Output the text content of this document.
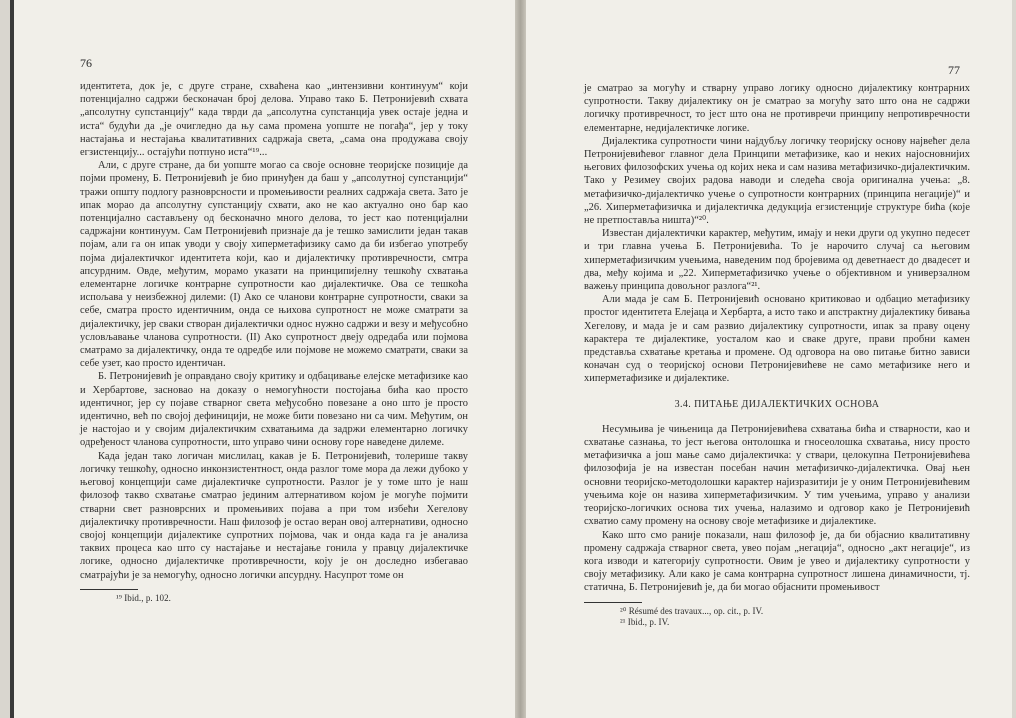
76

идентитета, док је, с друге стране, схваћена као „интензивни континуум“ који потенцијално садржи бесконачан број делова. Управо тако Б. Петронијевић схвата „апсолутну супстанцију“ када тврди да „апсолутна супстанција увек остаје једна и иста“ будући да „је очигледно да њу сама промена уопште не погађа“, јер у току настајања и нестајања квалитативних садржаја света, „сама она продужава своју егзистенцију... остајући потпуно иста“¹⁹...

Али, с друге стране, да би уопште могао са своје основне теоријске позиције да појми промену, Б. Петронијевић је био принуђен да баш у „апсолутној супстанцији“ тражи општу подлогу разноврсности и промењивости реалних садржаја света. Зато је ипак морао да апсолутну супстанцију схвати, ако не као актуално оно бар као потенцијално састављену од бесконачно много делова, то јест као потенцијални садржајни континуум. Сам Петронијевић признаје да је тешко замислити један такав појам, али га он ипак уводи у своју хиперметафизику само да би избегао употребу појма дијалектичког идентитета који, као и дијалектичку противречности, смтра апсурдним. Овде, међутим, морамо указати на принципијелну тешкоћу схватања елементарне логичке контрарне супротности као дијалектичке. Ова се тешкоћа испољава у неизбежној дилеми: (I) Ако се чланови контрарне супротности, сваки за себе, сматра просто идентичним, онда се њихова супротност не може сматрати за дијалектичку, јер сваки створан дијалектички однос нужно садржи и везу и међусобно условљавање чланова супротности. (II) Ако супротност двеју одредаба или појмова сматрамо за дијалектичку, онда те одредбе или појмове не можемо сматрати, сваки за себе узет, као просто идентичан.

Б. Петронијевић је оправдано своју критику и одбацивање елејске метафизике као и Хербартове, засновао на доказу о немогућности постојања бића као просто идентичног, јер су појаве стварног света међусобно повезане а оно што је просто идентично, већ по својој дефиницији, не може бити повезано ни са чим. Међутим, он је настојао и у својим дијалектичким схватањима да задржи елементарно логичку одређеност чланова супротности, што управо чини основу горе наведене дилеме.

Када један тако логичан мислилац, какав је Б. Петронијевић, толерише такву логичку тешкоћу, односно инконзистентност, онда разлог томе мора да лежи дубоко у његовој концепцији саме дијалектичке супротности. Разлог је у томе што је наш филозоф такво схватање сматрао јединим алтернативом којом је могуће појмити стварни свет разноврсних и промењивих појава а при том избећи Хегелову дијалектичку противречности. Наш филозоф је остао веран овој алтернативи, односно својој концепцији дијалектике супротних појмова, чак и онда када га је анализа таквих процеса као што су настајање и нестајање гонила у правцу дијалектичке логике, односно дијалектичке противречности, коју је он доследно избегавао сматрајући је за немогућу, односно логички апсурдну. Насупрот томе он

¹⁹ Ibid., p. 102.

77

је сматрао за могућу и стварну управо логику односно дијалектику контрарних супротности. Такву дијалектику он је сматрао за могућу зато што она не садржи логичку противречност, то јест што она не противречи принципу непротивречности елементарне, недијалектичке логике.

Дијалектика супротности чини најдубљу логичку теоријску основу највећег дела Петронијевићевог главног дела Принципи метафизике, као и неких најосновнијих његових филозофских учења од којих нека и сам назива метафизичко-дијалектичким. Тако у Резимеу својих радова наводи и следећа своја оригинална учења: „8. метафизичко-дијалектичко учење о супротности контрарних (принципа негације)“ и „26. Хиперметафизичка и дијалектичка дедукција егзистенције структуре бића (које не претпоставља ништа)“²⁰.

Известан дијалектички карактер, међутим, имају и неки други од укупно педесет и три главна учења Б. Петронијевића. То је нарочито случај са његовим хиперметафизичким учењима, наведеним под бројевима од деветнаест до двадесет и два, међу којима и „22. Хиперметафизичко учење о објективном и универзалном важењу принципа довољног разлога“²¹.

Али мада је сам Б. Петронијевић основано критиковао и одбацио метафизику простог идентитета Елејаца и Хербарта, а исто тако и апстрактну дијалектику бивања Хегелову, и мада је и сам развио дијалектику супротности, ипак за праву оцену карактера те дијалектике, уосталом као и сваке друге, прави пробни камен представља схватање кретања и промене. Од одговора на ово питање битно зависи коначан суд о теоријској основи Петронијевићеве не само метафизике него и хиперметафизике и дијалектике.

3.4. ПИТАЊЕ ДИЈАЛЕКТИЧКИХ ОСНОВА

Несумњива је чињеница да Петронијевићева схватања бића и стварности, као и схватање сазнања, то јест његова онтолошка и гносеолошка схватања, нису просто метафизичка а још мање само дијалектичка: у ствари, целокупна Петронијевићева филозофија је на известан посебан начин метафизичко-дијалектичка. Овај њен основни теоријско-методолошки карактер најизразитији је у оним Петронијевићевим учењима које он назива хиперметафизичким. У тим учењима, управо у анализи теоријско-логичких основа тих учења, налазимо и одговор како је Петронијевић схватио саму промену на основу своје метафизике и дијалектике.

Како што смо раније показали, наш филозоф је, да би објаснио квалитативну промену садржаја стварног света, увео појам „негација“, односно „акт негације“, из кога изводи и категорију супротности. Овим је увео и дијалектику супротности у своју метафизику. Али како је сама контрарна супротност лишена динамичности, тј. статична, Б. Петронијевић је, да би могао објаснити промењивост

²⁰ Résumé des travaux..., op. cit., p. IV.

²¹ Ibid., p. IV.
